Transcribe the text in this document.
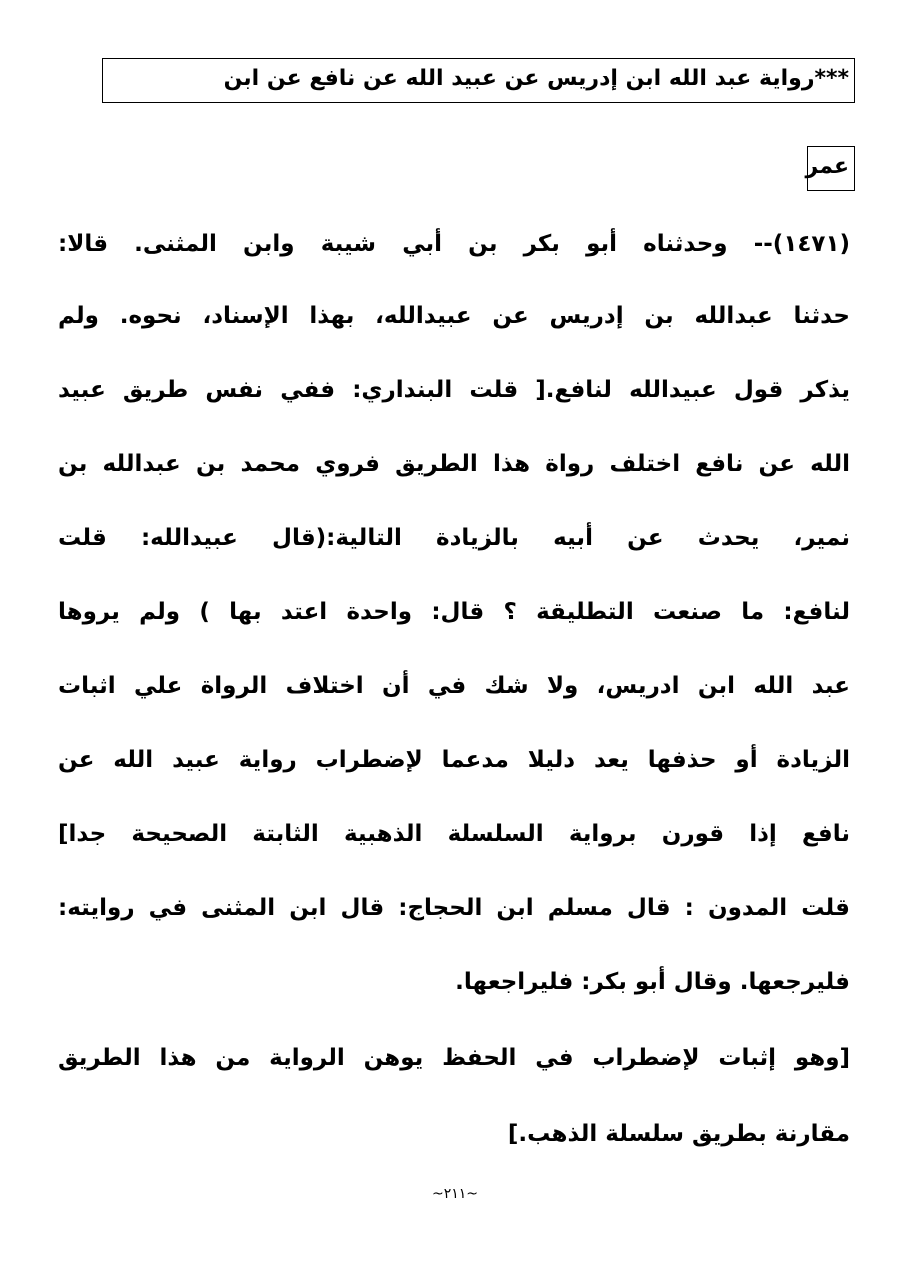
***رواية عبد الله ابن إدريس عن عبيد الله عن نافع عن ابن
عمر
(١٤٧١)-- وحدثناه أبو بكر بن أبي شيبة وابن المثنى. قالا:
حدثنا عبدالله بن إدريس عن عبيدالله، بهذا الإسناد، نحوه. ولم
يذكر قول عبيدالله لنافع.[ قلت البنداري: ففي نفس طريق عبيد
الله عن نافع اختلف رواة هذا الطريق فروي محمد بن عبدالله بن
نمير، يحدث عن أبيه بالزيادة التالية:(قال عبيدالله: قلت
لنافع: ما صنعت التطليقة ؟ قال: واحدة اعتد بها ) ولم يروها
عبد الله ابن ادريس، ولا شك في أن اختلاف الرواة علي اثبات
الزيادة أو حذفها يعد دليلا مدعما لإضطراب رواية عبيد الله عن
نافع إذا قورن برواية السلسلة الذهبية الثابتة الصحيحة جدا]
قلت المدون : قال مسلم ابن الحجاج: قال ابن المثنى في روايته:
فليرجعها. وقال أبو بكر: فليراجعها.
[وهو إثبات لإضطراب في الحفظ يوهن الرواية من هذا الطريق
مقارنة بطريق سلسلة الذهب.]
~٢١١~
